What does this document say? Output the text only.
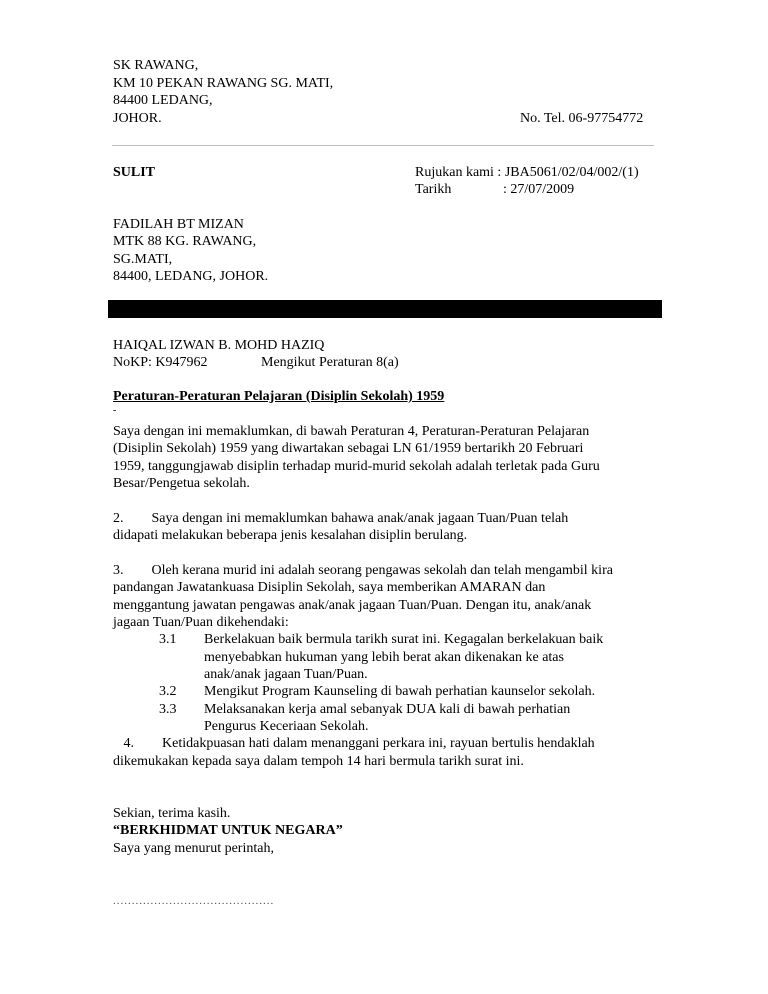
SK RAWANG,
KM 10 PEKAN RAWANG SG. MATI,
84400 LEDANG,
JOHOR.	No. Tel. 06-97754772
SULIT	Rujukan kami : JBA5061/02/04/002/(1)
Tarikh	: 27/07/2009
FADILAH BT MIZAN
MTK 88 KG. RAWANG,
SG.MATI,
84400, LEDANG, JOHOR.
HAIQAL IZWAN B. MOHD HAZIQ
NoKP: K947962	Mengikut Peraturan 8(a)
Peraturan-Peraturan Pelajaran (Disiplin Sekolah) 1959
-
Saya dengan ini memaklumkan, di bawah Peraturan 4, Peraturan-Peraturan Pelajaran
(Disiplin Sekolah) 1959 yang diwartakan sebagai LN 61/1959 bertarikh 20 Februari
1959, tanggungjawab disiplin terhadap murid-murid sekolah adalah terletak pada Guru
Besar/Pengetua sekolah.
2.        Saya dengan ini memaklumkan bahawa anak/anak jagaan Tuan/Puan telah
didapati melakukan beberapa jenis kesalahan disiplin berulang.
3.        Oleh kerana murid ini adalah seorang pengawas sekolah dan telah mengambil kira
pandangan Jawatankuasa Disiplin Sekolah, saya memberikan AMARAN dan
menggantung jawatan pengawas anak/anak jagaan Tuan/Puan. Dengan itu, anak/anak
jagaan Tuan/Puan dikehendaki:
3.1 Berkelakuan baik bermula tarikh surat ini. Kegagalan berkelakuan baik
menyebabkan hukuman yang lebih berat akan dikenakan ke atas
anak/anak jagaan Tuan/Puan.
3.2 Mengikut Program Kaunseling di bawah perhatian kaunselor sekolah.
3.3 Melaksanakan kerja amal sebanyak DUA kali di bawah perhatian
Pengurus Keceriaan Sekolah.
4.        Ketidakpuasan hati dalam menanggani perkara ini, rayuan bertulis hendaklah
dikemukakan kepada saya dalam tempoh 14 hari bermula tarikh surat ini.
Sekian, terima kasih.
“BERKHIDMAT UNTUK NEGARA”
Saya yang menurut perintah,
...........................................
